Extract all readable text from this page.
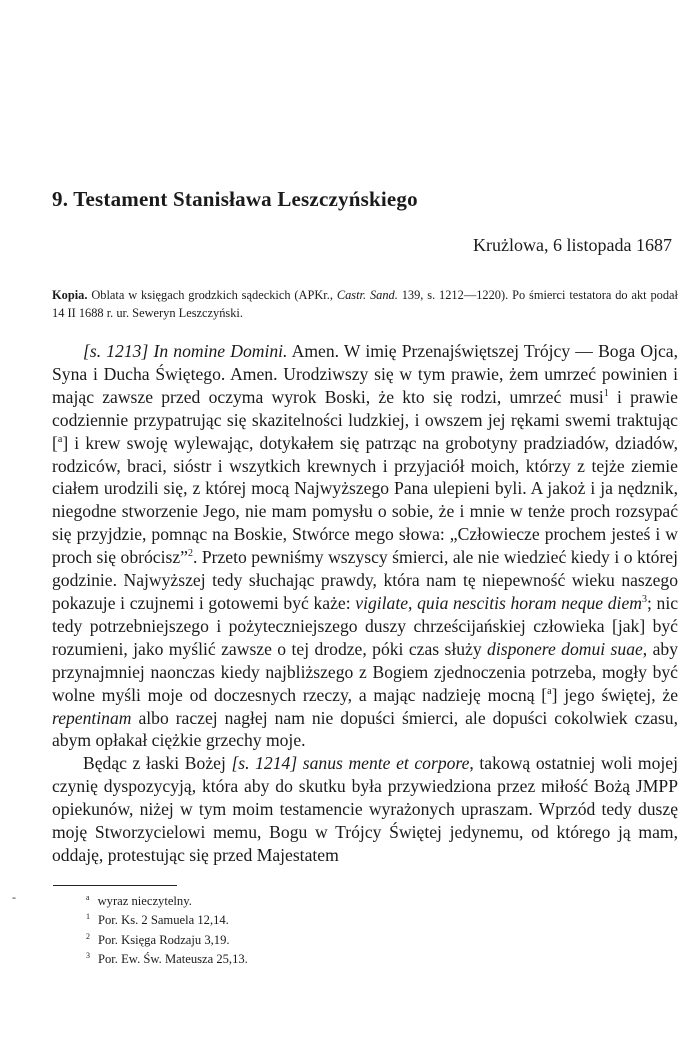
9. Testament Stanisława Leszczyńskiego
Krużlowa, 6 listopada 1687
Kopia. Oblata w księgach grodzkich sądeckich (APKr., Castr. Sand. 139, s. 1212—1220). Po śmierci testatora do akt podał 14 II 1688 r. ur. Seweryn Leszczyński.

[s. 1213] In nomine Domini. Amen. W imię Przenajświętszej Trójcy — Boga Ojca, Syna i Ducha Świętego. Amen. Urodziwszy się w tym prawie, żem umrzeć powinien i mając zawsze przed oczyma wyrok Boski, że kto się rodzi, umrzeć musi$^1$ i prawie codziennie przypatrując się skazitelności ludzkiej, i owszem jej rękami swemi traktując [$^a$] i krew swoję wylewając, dotykałem się patrząc na grobotyny pradziadów, dziadów, rodziców, braci, sióstr i wszytkich krewnych i przyjaciół moich, którzy z tejże ziemie ciałem urodzili się, z której mocą Najwyższego Pana ulepieni byli. A jakoż i ja nędznik, niegodne stworzenie Jego, nie mam pomysłu o sobie, że i mnie w tenże proch rozsypać się przyjdzie, pomnąc na Boskie, Stwórce mego słowa: „Człowiecze prochem jesteś i w proch się obrócisz”$^2$. Przeto pewniśmy wszyscy śmierci, ale nie wiedzieć kiedy i o której godzinie. Najwyższej tedy słuchając prawdy, która nam tę niepewność wieku naszego pokazuje i czujnemi i gotowemi być każe: vigilate, quia nescitis horam neque diem$^3$; nic tedy potrzebniejszego i pożyteczniejszego duszy chrześcijańskiej człowieka [jak] być rozumieni, jako myślić zawsze o tej drodze, póki czas służy disponere domui suae, aby przynajmniej naonczas kiedy najbliższego z Bogiem zjednoczenia potrzeba, mogły być wolne myśli moje od doczesnych rzeczy, a mając nadzieję mocną [$^a$] jego świętej, że repentinam albo raczej nagłej nam nie dopuści śmierci, ale dopuści cokolwiek czasu, abym opłakał ciężkie grzechy moje.

Będąc z łaski Bożej [s. 1214] sanus mente et corpore, takową ostatniej woli mojej czynię dyspozycyją, która aby do skutku była przywiedziona przez miłość Bożą JMPP opiekunów, niżej w tym moim testamencie wyrażonych upraszam. Wprzód tedy duszę moję Stworzycielowi memu, Bogu w Trójcy Świętej jedynemu, od którego ją mam, oddaję, protestując się przed Majestatem

-	$^a$ wyraz nieczytelny.
$^1$ Por. Ks. 2 Samuela 12,14.
$^2$ Por. Księga Rodzaju 3,19.
$^3$ Por. Ew. Św. Mateusza 25,13.
